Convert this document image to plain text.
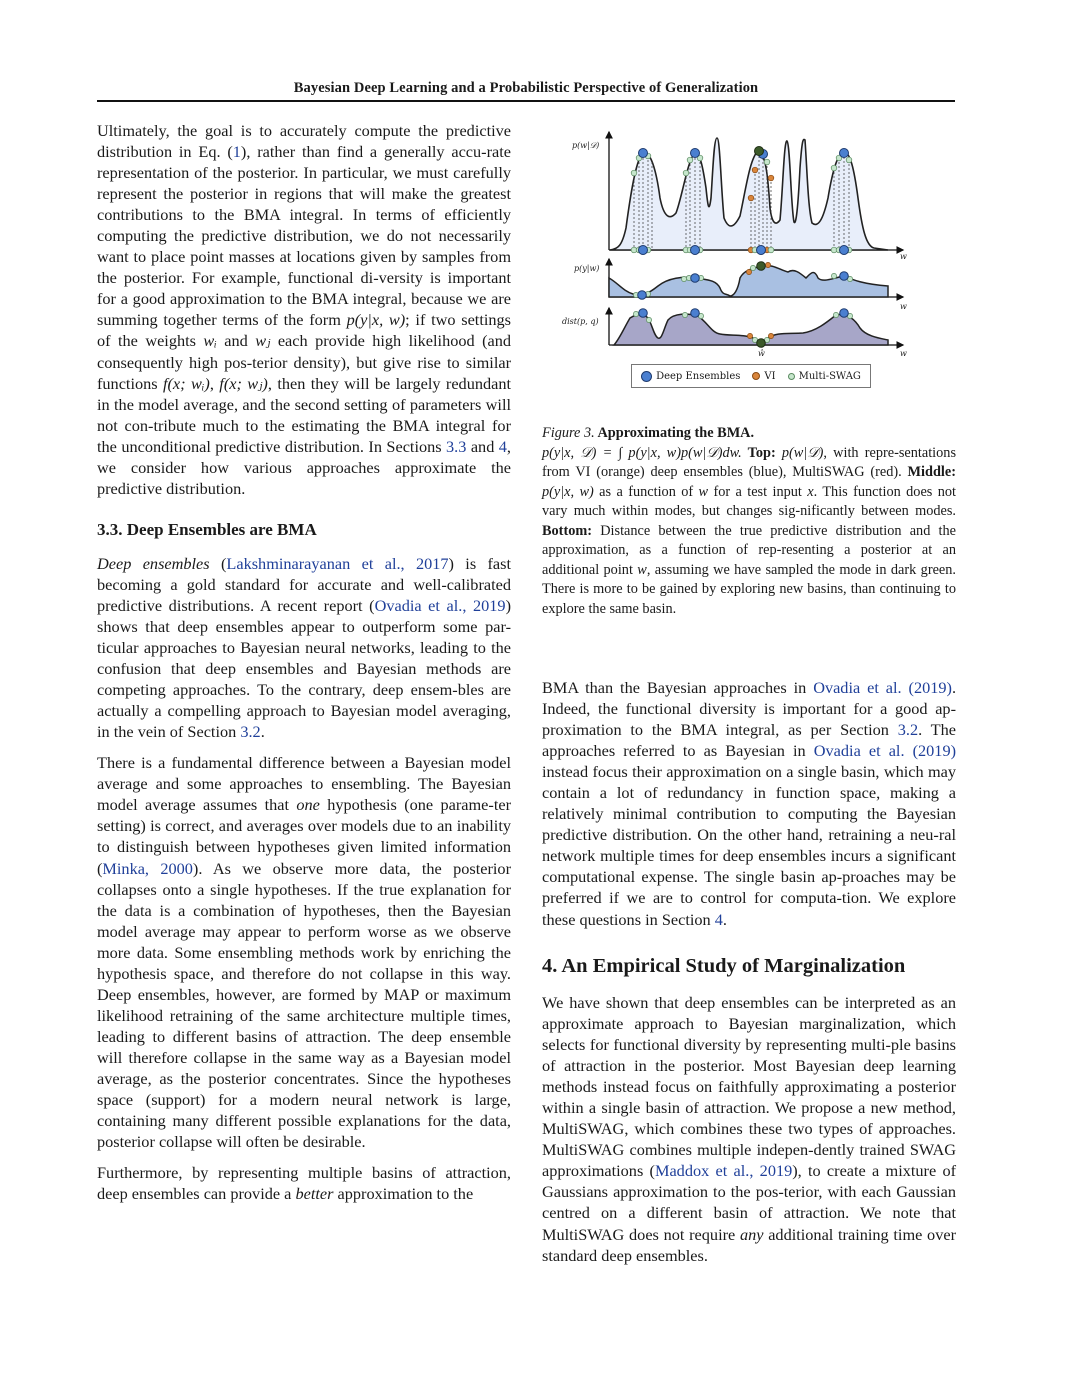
Bayesian Deep Learning and a Probabilistic Perspective of Generalization

Ultimately, the goal is to accurately compute the predictive distribution in Eq. (1), rather than find a generally accu-rate representation of the posterior. In particular, we must carefully represent the posterior in regions that will make the greatest contributions to the BMA integral. In terms of efficiently computing the predictive distribution, we do not necessarily want to place point masses at locations given by samples from the posterior. For example, functional di-versity is important for a good approximation to the BMA integral, because we are summing together terms of the form p(y|x, w); if two settings of the weights wᵢ and wⱼ each provide high likelihood (and consequently high pos-terior density), but give rise to similar functions f(x; wᵢ), f(x; wⱼ), then they will be largely redundant in the model average, and the second setting of parameters will not con-tribute much to the estimating the BMA integral for the unconditional predictive distribution. In Sections 3.3 and 4, we consider how various approaches approximate the predictive distribution.

3.3. Deep Ensembles are BMA

Deep ensembles (Lakshminarayanan et al., 2017) is fast becoming a gold standard for accurate and well-calibrated predictive distributions. A recent report (Ovadia et al., 2019) shows that deep ensembles appear to outperform some par-ticular approaches to Bayesian neural networks, leading to the confusion that deep ensembles and Bayesian methods are competing approaches. To the contrary, deep ensem-bles are actually a compelling approach to Bayesian model averaging, in the vein of Section 3.2.

There is a fundamental difference between a Bayesian model average and some approaches to ensembling. The Bayesian model average assumes that one hypothesis (one parame-ter setting) is correct, and averages over models due to an inability to distinguish between hypotheses given limited information (Minka, 2000). As we observe more data, the posterior collapses onto a single hypotheses. If the true explanation for the data is a combination of hypotheses, then the Bayesian model average may appear to perform worse as we observe more data. Some ensembling methods work by enriching the hypothesis space, and therefore do not collapse in this way. Deep ensembles, however, are formed by MAP or maximum likelihood retraining of the same architecture multiple times, leading to different basins of attraction. The deep ensemble will therefore collapse in the same way as a Bayesian model average, as the posterior concentrates. Since the hypotheses space (support) for a modern neural network is large, containing many different possible explanations for the data, posterior collapse will often be desirable.

Furthermore, by representing multiple basins of attraction, deep ensembles can provide a better approximation to the

p(w|𝒟)
w
p(y|w)
w
dist(p, q)
w
ŵ
Deep Ensembles VI Multi-SWAG
Figure 3. Approximating the BMA.
p(y|x, 𝒟) = ∫ p(y|x, w)p(w|𝒟)dw. Top: p(w|𝒟), with repre-sentations from VI (orange) deep ensembles (blue), MultiSWAG (red). Middle: p(y|x, w) as a function of w for a test input x. This function does not vary much within modes, but changes sig-nificantly between modes. Bottom: Distance between the true predictive distribution and the approximation, as a function of rep-resenting a posterior at an additional point w, assuming we have sampled the mode in dark green. There is more to be gained by exploring new basins, than continuing to explore the same basin.

BMA than the Bayesian approaches in Ovadia et al. (2019). Indeed, the functional diversity is important for a good ap-proximation to the BMA integral, as per Section 3.2. The approaches referred to as Bayesian in Ovadia et al. (2019) instead focus their approximation on a single basin, which may contain a lot of redundancy in function space, making a relatively minimal contribution to computing the Bayesian predictive distribution. On the other hand, retraining a neu-ral network multiple times for deep ensembles incurs a significant computational expense. The single basin ap-proaches may be preferred if we are to control for computa-tion. We explore these questions in Section 4.

4. An Empirical Study of Marginalization

We have shown that deep ensembles can be interpreted as an approximate approach to Bayesian marginalization, which selects for functional diversity by representing multi-ple basins of attraction in the posterior. Most Bayesian deep learning methods instead focus on faithfully approximating a posterior within a single basin of attraction. We propose a new method, MultiSWAG, which combines these two types of approaches. MultiSWAG combines multiple indepen-dently trained SWAG approximations (Maddox et al., 2019), to create a mixture of Gaussians approximation to the pos-terior, with each Gaussian centred on a different basin of attraction. We note that MultiSWAG does not require any additional training time over standard deep ensembles.
